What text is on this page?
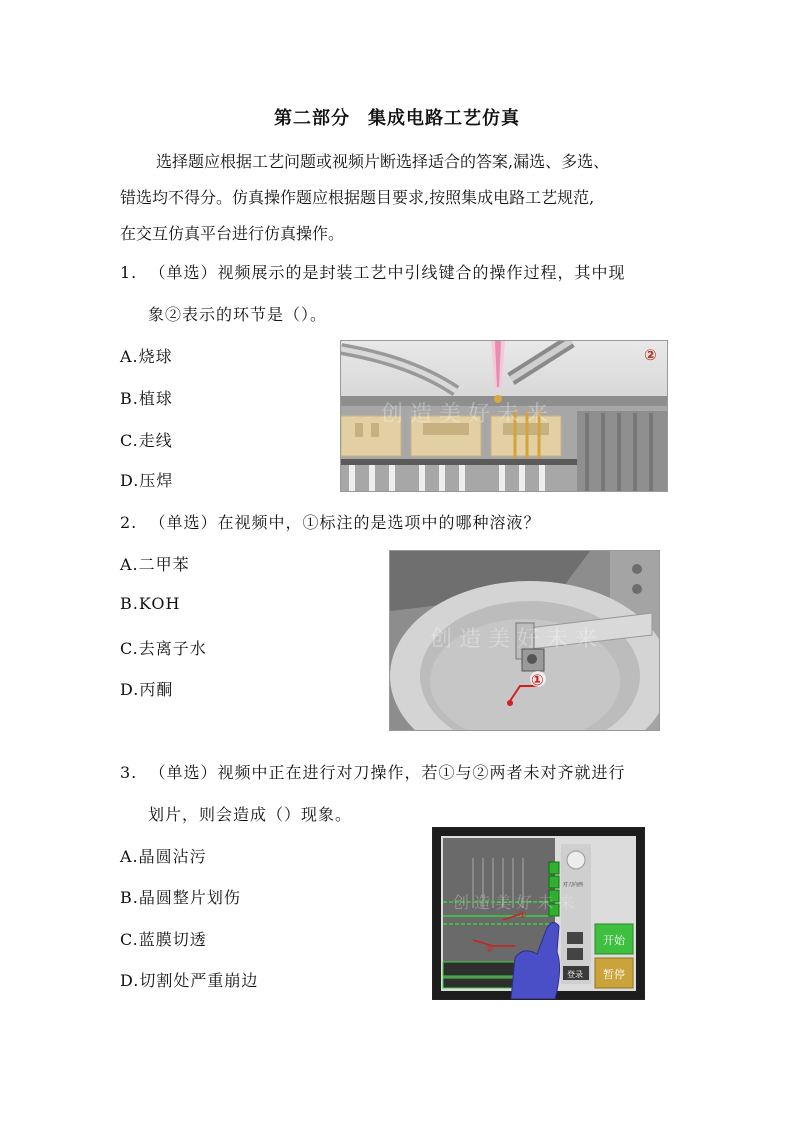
第二部分 集成电路工艺仿真
选择题应根据工艺问题或视频片断选择适合的答案,漏选、多选、
错选均不得分。仿真操作题应根据题目要求,按照集成电路工艺规范,
在交互仿真平台进行仿真操作。
1. （单选）视频展示的是封装工艺中引线键合的操作过程，其中现
象②表示的环节是（）。
A.烧球
B.植球
C.走线
D.压焊
创 造 美 好 未 来
②
2. （单选）在视频中，①标注的是选项中的哪种溶液？
A.二甲苯
B.KOH
C.去离子水
D.丙酮
创 造 美 好 未 来
①
3. （单选）视频中正在进行对刀操作，若①与②两者未对齐就进行
划片，则会造成（）现象。
A.晶圆沾污
B.晶圆整片划伤
C.蓝膜切透
D.切割处严重崩边
①
②
对刀向画
登录
开始
暂停
创 造 美 好 未 来
